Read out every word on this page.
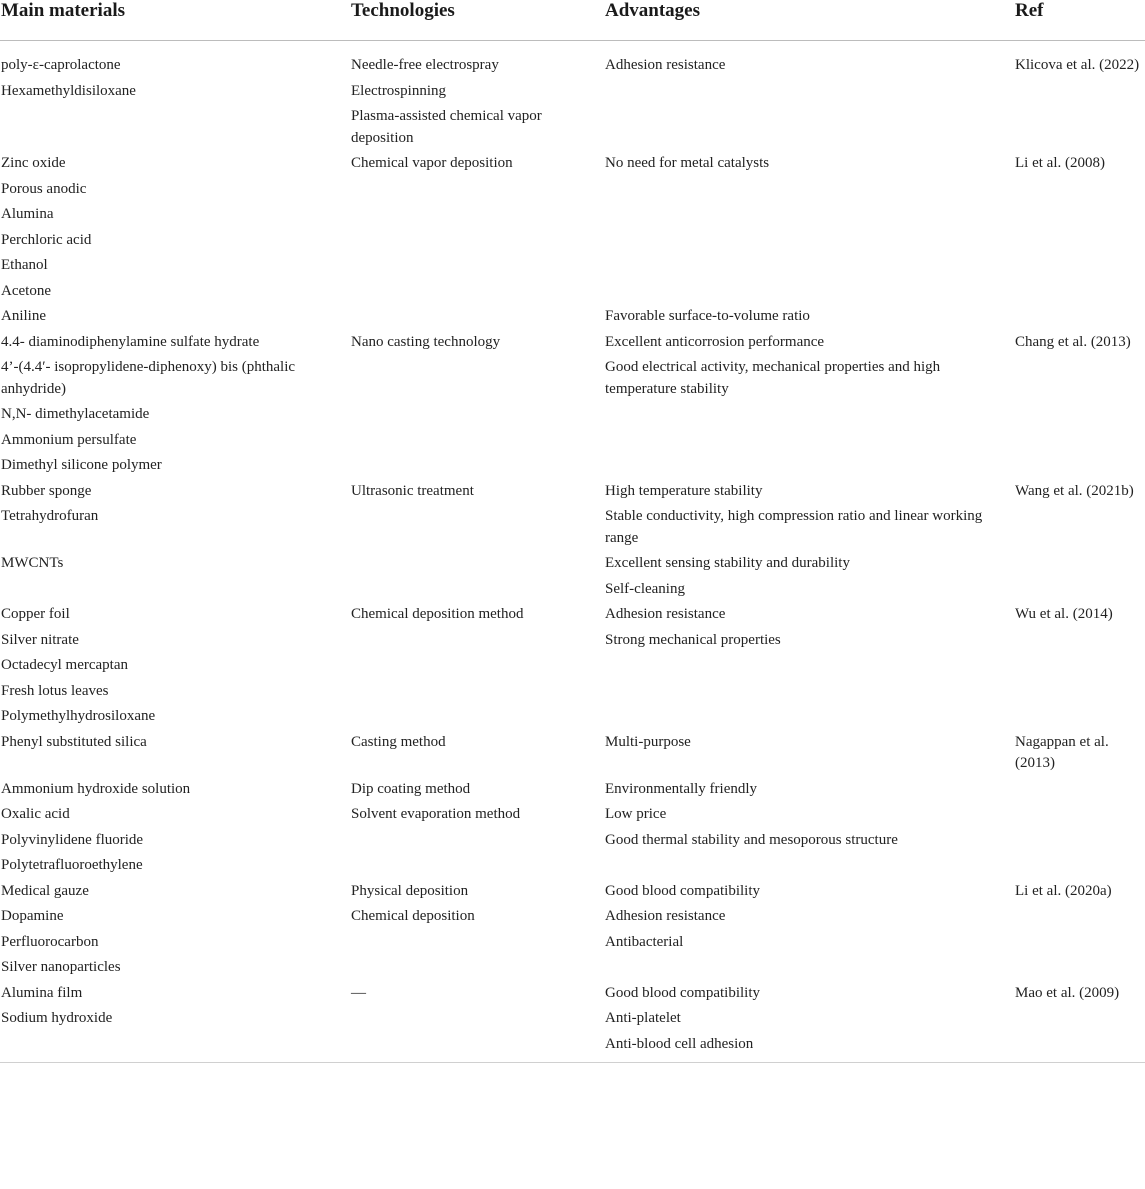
Main materials	Technologies	Advantages	Ref
poly-ε-caprolactone	Needle-free electrospray	Adhesion resistance	Klicova et al. (2022)
Hexamethyldisiloxane	Electrospinning		
	Plasma-assisted chemical vapor deposition		
Zinc oxide	Chemical vapor deposition	No need for metal catalysts	Li et al. (2008)
Porous anodic			
Alumina			
Perchloric acid			
Ethanol			
Acetone			
Aniline		Favorable surface-to-volume ratio	
4.4- diaminodiphenylamine sulfate hydrate	Nano casting technology	Excellent anticorrosion performance	Chang et al. (2013)
4’-(4.4′- isopropylidene-diphenoxy) bis (phthalic anhydride)		Good electrical activity, mechanical properties and high temperature stability	
N,N- dimethylacetamide			
Ammonium persulfate			
Dimethyl silicone polymer			
Rubber sponge	Ultrasonic treatment	High temperature stability	Wang et al. (2021b)
Tetrahydrofuran		Stable conductivity, high compression ratio and linear working range	
MWCNTs		Excellent sensing stability and durability	
		Self-cleaning	
Copper foil	Chemical deposition method	Adhesion resistance	Wu et al. (2014)
Silver nitrate		Strong mechanical properties	
Octadecyl mercaptan			
Fresh lotus leaves			
Polymethylhydrosiloxane			
Phenyl substituted silica	Casting method	Multi-purpose	Nagappan et al. (2013)
Ammonium hydroxide solution	Dip coating method	Environmentally friendly	
Oxalic acid	Solvent evaporation method	Low price	
Polyvinylidene fluoride		Good thermal stability and mesoporous structure	
Polytetrafluoroethylene			
Medical gauze	Physical deposition	Good blood compatibility	Li et al. (2020a)
Dopamine	Chemical deposition	Adhesion resistance	
Perfluorocarbon		Antibacterial	
Silver nanoparticles			
Alumina film	—	Good blood compatibility	Mao et al. (2009)
Sodium hydroxide		Anti-platelet	
		Anti-blood cell adhesion	
